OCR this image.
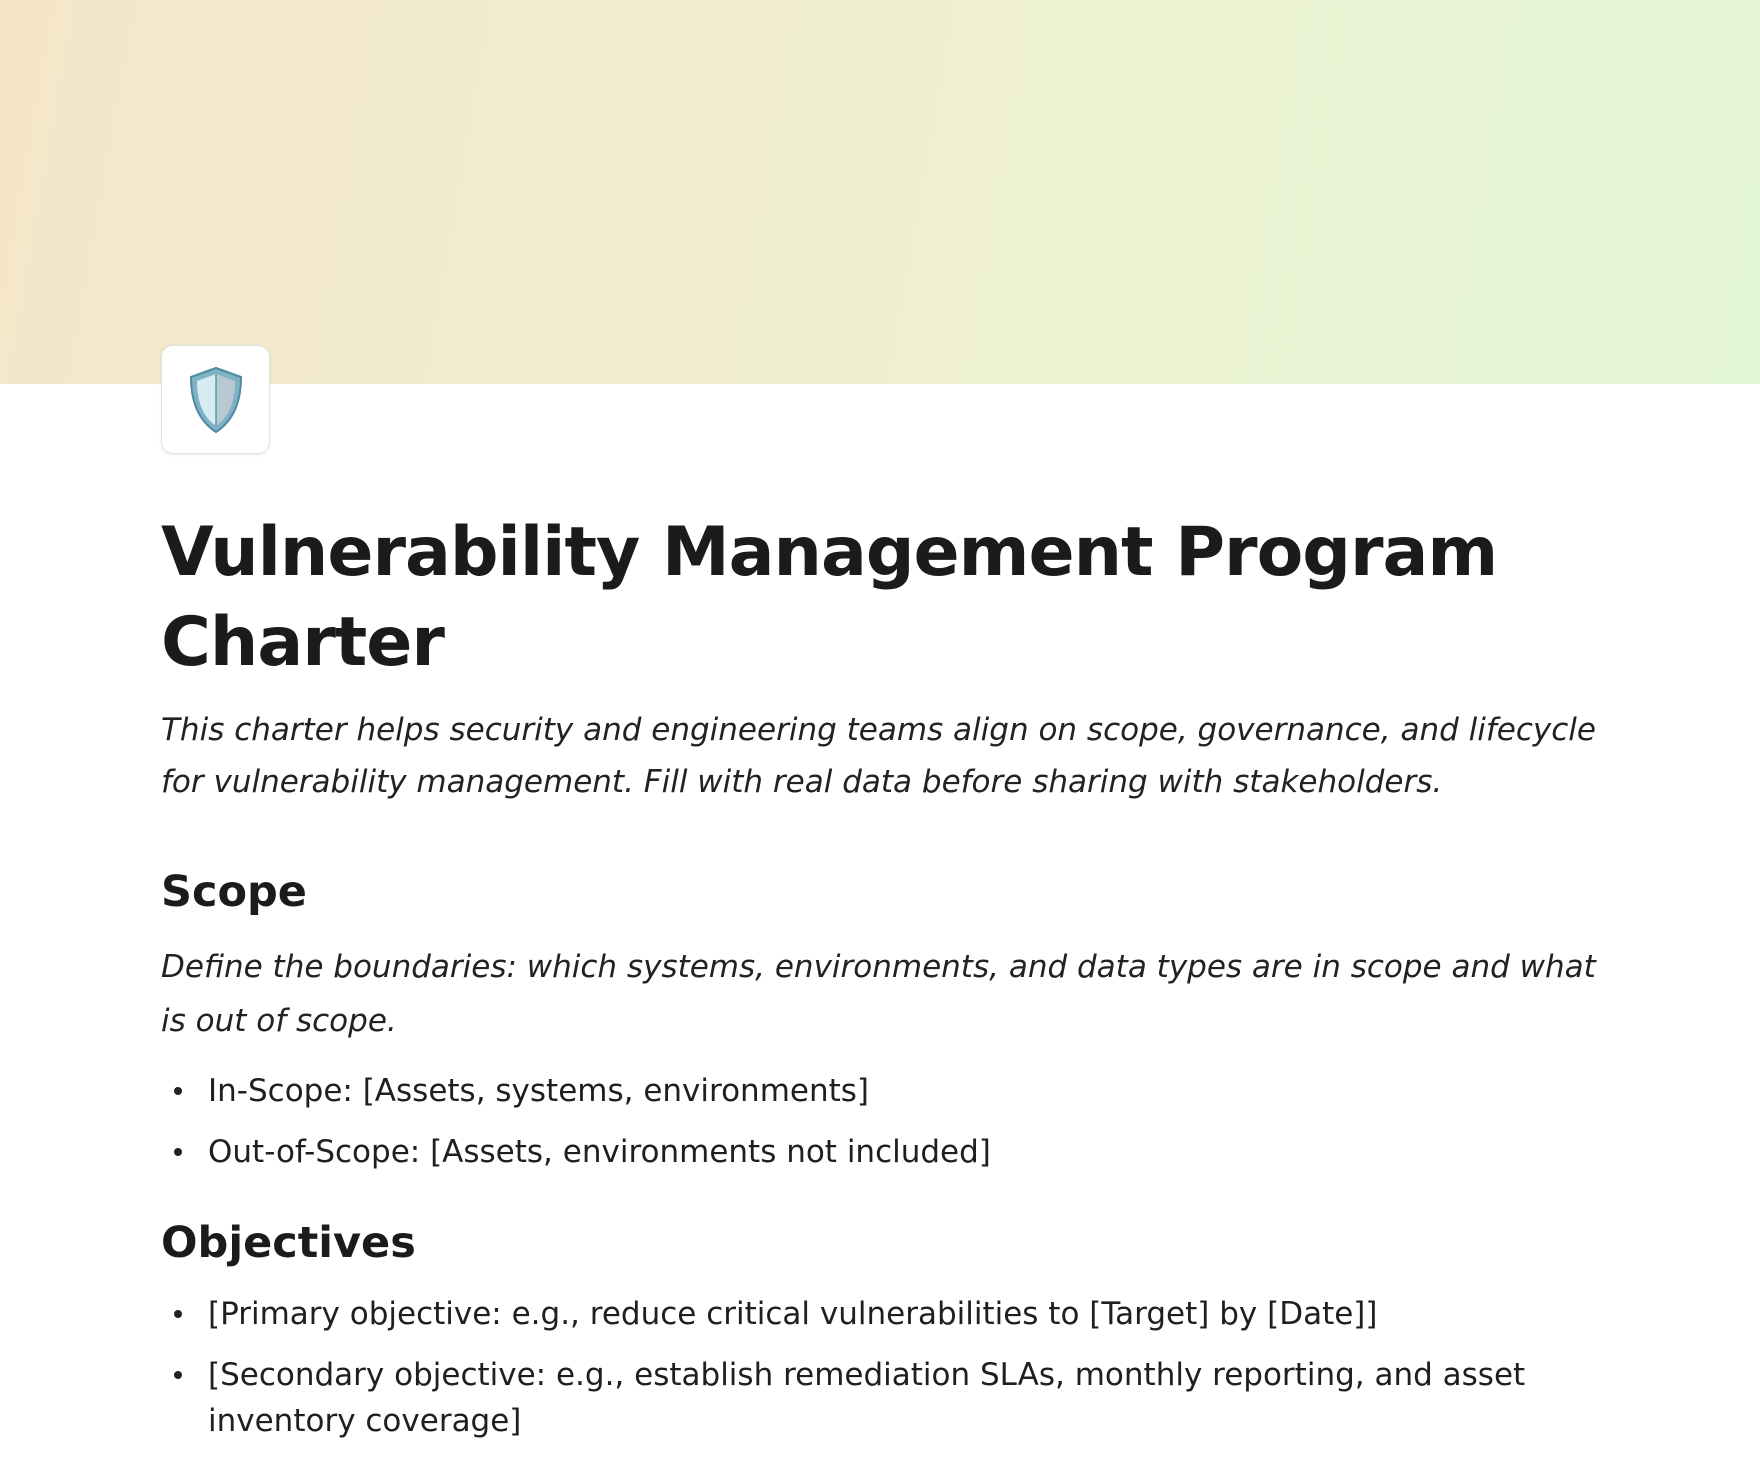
Vulnerability Management Program Charter

This charter helps security and engineering teams align on scope, governance, and lifecycle for vulnerability management. Fill with real data before sharing with stakeholders.

Scope

Define the boundaries: which systems, environments, and data types are in scope and what is out of scope.

In-Scope: [Assets, systems, environments]
Out-of-Scope: [Assets, environments not included]
Objectives
[Primary objective: e.g., reduce critical vulnerabilities to [Target] by [Date]]
[Secondary objective: e.g., establish remediation SLAs, monthly reporting, and asset inventory coverage]
